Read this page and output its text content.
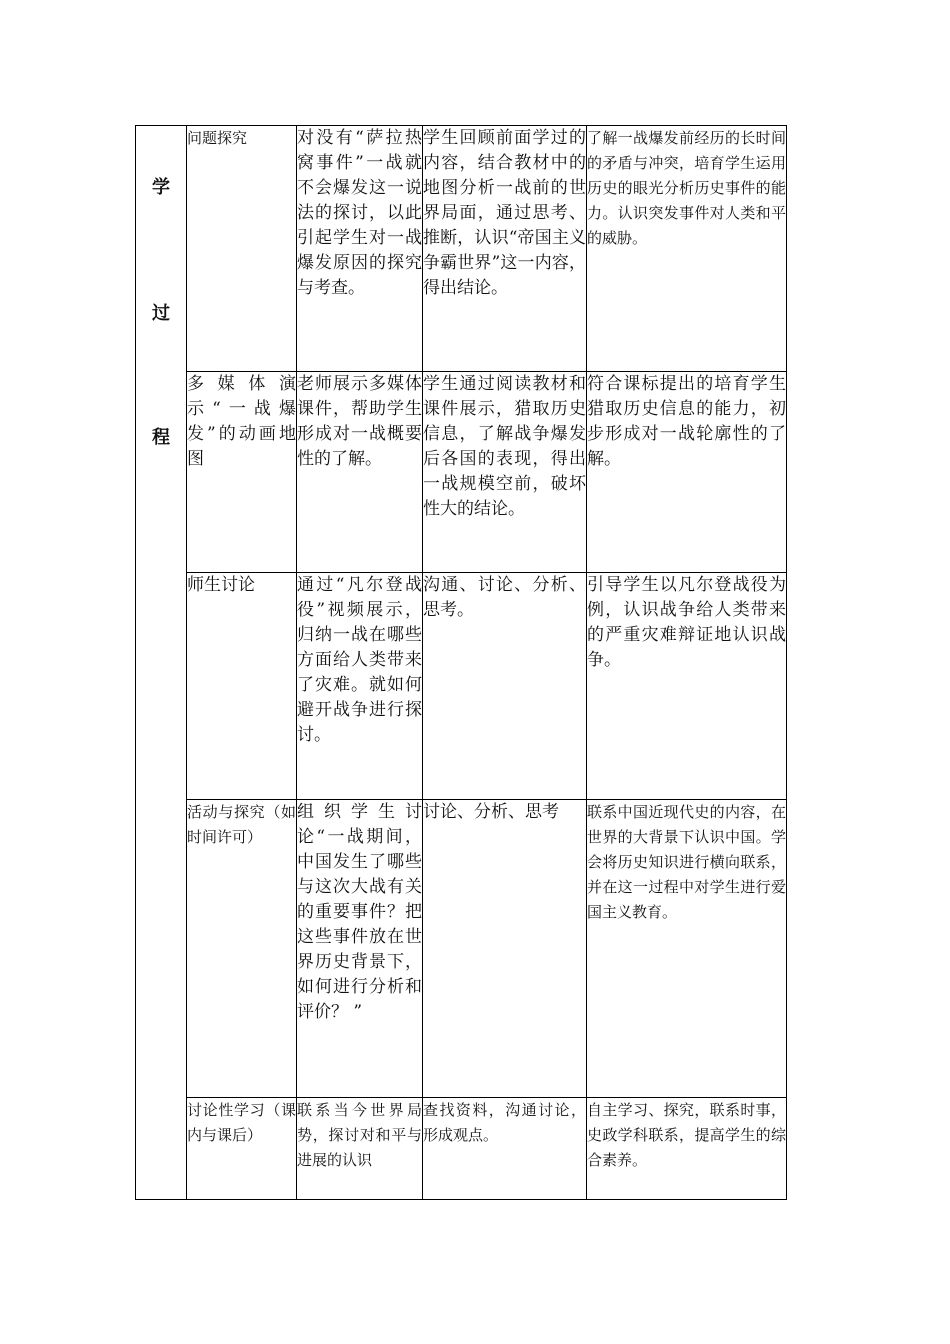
学
过
程	问题探究	对没有“萨拉热窝事件”一战就不会爆发这一说法的探讨，以此引起学生对一战爆发原因的探究与考查。	学生回顾前面学过的内容，结合教材中的地图分析一战前的世界局面，通过思考、推断，认识“帝国主义争霸世界”这一内容，得出结论。	了解一战爆发前经历的长时间的矛盾与冲突，培育学生运用历史的眼光分析历史事件的能力。认识突发事件对人类和平的威胁。
	多媒体演示“一战爆发”的动画地图	老师展示多媒体课件，帮助学生形成对一战概要性的了解。	学生通过阅读教材和课件展示，猎取历史信息，了解战争爆发后各国的表现，得出一战规模空前，破坏性大的结论。	符合课标提出的培育学生猎取历史信息的能力，初步形成对一战轮廓性的了解。
	师生讨论	通过“凡尔登战役”视频展示，归纳一战在哪些方面给人类带来了灾难。就如何避开战争进行探讨。	沟通、讨论、分析、思考。	引导学生以凡尔登战役为例，认识战争给人类带来的严重灾难辩证地认识战争。
	活动与探究（如时间许可）	组织学生讨论“一战期间，中国发生了哪些与这次大战有关的重要事件？把这些事件放在世界历史背景下，如何进行分析和评价？ ”	讨论、分析、思考	联系中国近现代史的内容，在世界的大背景下认识中国。学会将历史知识进行横向联系，并在这一过程中对学生进行爱国主义教育。
	讨论性学习（课内与课后）	联系当今世界局势，探讨对和平与进展的认识	查找资料，沟通讨论，形成观点。	自主学习、探究，联系时事，史政学科联系，提高学生的综合素养。
